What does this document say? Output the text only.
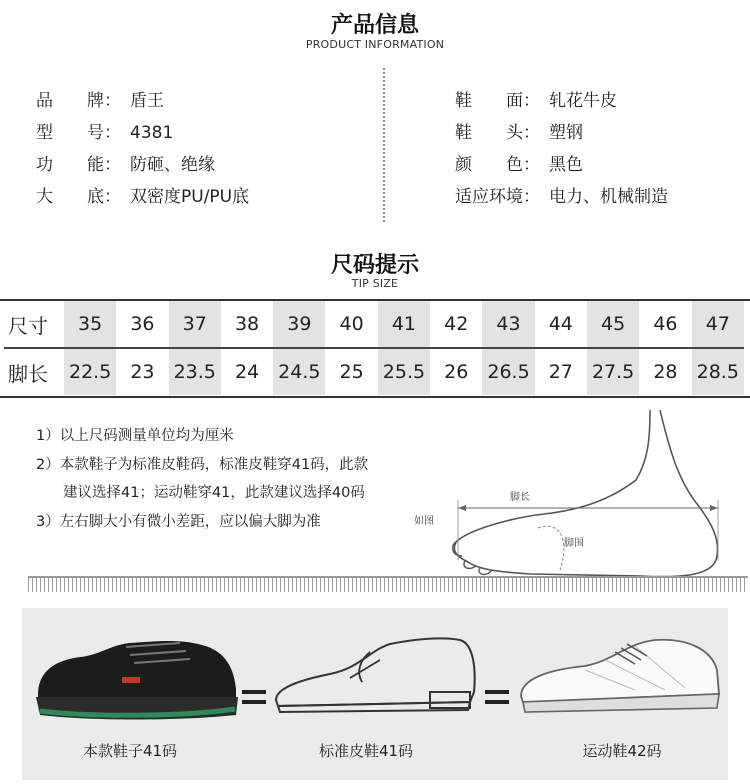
产品信息
PRODUCT INFORMATION
品　　牌： 盾王
型　　号： 4381
功　　能： 防砸、绝缘
大　　底： 双密度PU/PU底
鞋　　面： 轧花牛皮
鞋　　头： 塑钢
颜　　色： 黑色
适应环境： 电力、机械制造
尺码提示
TIP SIZE
尺寸	35	36	37	38	39	40	41	42	43	44	45	46	47
脚长	22.5	23	23.5	24	24.5	25	25.5	26	26.5	27	27.5	28	28.5
1）以上尺码测量单位均为厘米
2）本款鞋子为标准皮鞋码，标准皮鞋穿41码，此款
建议选择41；运动鞋穿41，此款建议选择40码
3）左右脚大小有微小差距，应以偏大脚为准
脚长
如图
脚围
本款鞋子41码	标准皮鞋41码	运动鞋42码
